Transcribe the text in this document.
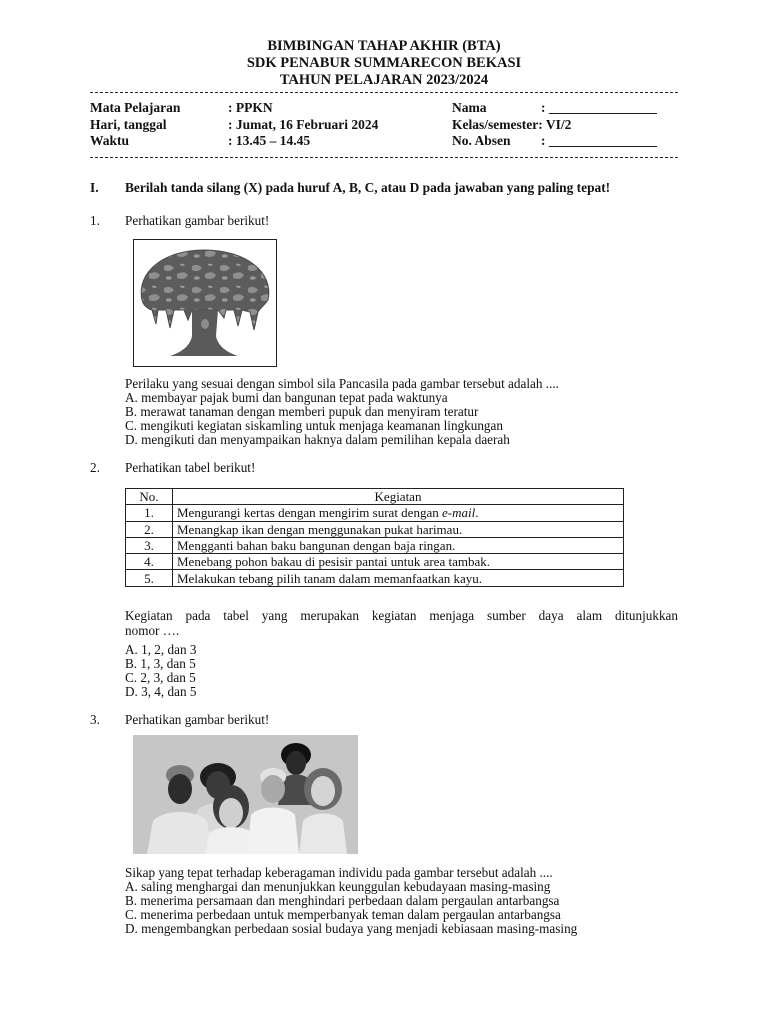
BIMBINGAN TAHAP AKHIR (BTA)
SDK PENABUR SUMMARECON BEKASI
TAHUN PELAJARAN 2023/2024
Mata Pelajaran	: PPKN
Hari, tanggal	: Jumat, 16 Februari 2024
Waktu	: 13.45 – 14.45
Nama	: ________________
Kelas/semester: VI/2
No. Absen : ________________
I. Berilah tanda silang (X) pada huruf A, B, C, atau D pada jawaban yang paling tepat!
1. Perhatikan gambar berikut!
Perilaku yang sesuai dengan simbol sila Pancasila pada gambar tersebut adalah ....
A. membayar pajak bumi dan bangunan tepat pada waktunya
B. merawat tanaman dengan memberi pupuk dan menyiram teratur
C. mengikuti kegiatan siskamling untuk menjaga keamanan lingkungan
D. mengikuti dan menyampaikan haknya dalam pemilihan kepala daerah
2. Perhatikan tabel berikut!
No.	Kegiatan
1.	Mengurangi kertas dengan mengirim surat dengan e-mail.
2.	Menangkap ikan dengan menggunakan pukat harimau.
3.	Mengganti bahan baku bangunan dengan baja ringan.
4.	Menebang pohon bakau di pesisir pantai untuk area tambak.
5.	Melakukan tebang pilih tanam dalam memanfaatkan kayu.
Kegiatan pada tabel yang merupakan kegiatan menjaga sumber daya alam ditunjukkan
nomor ….
A. 1, 2, dan 3
B. 1, 3, dan 5
C. 2, 3, dan 5
D. 3, 4, dan 5
3. Perhatikan gambar berikut!
Sikap yang tepat terhadap keberagaman individu pada gambar tersebut adalah ....
A. saling menghargai dan menunjukkan keunggulan kebudayaan masing-masing
B. menerima persamaan dan menghindari perbedaan dalam pergaulan antarbangsa
C. menerima perbedaan untuk memperbanyak teman dalam pergaulan antarbangsa
D. mengembangkan perbedaan sosial budaya yang menjadi kebiasaan masing-masing
